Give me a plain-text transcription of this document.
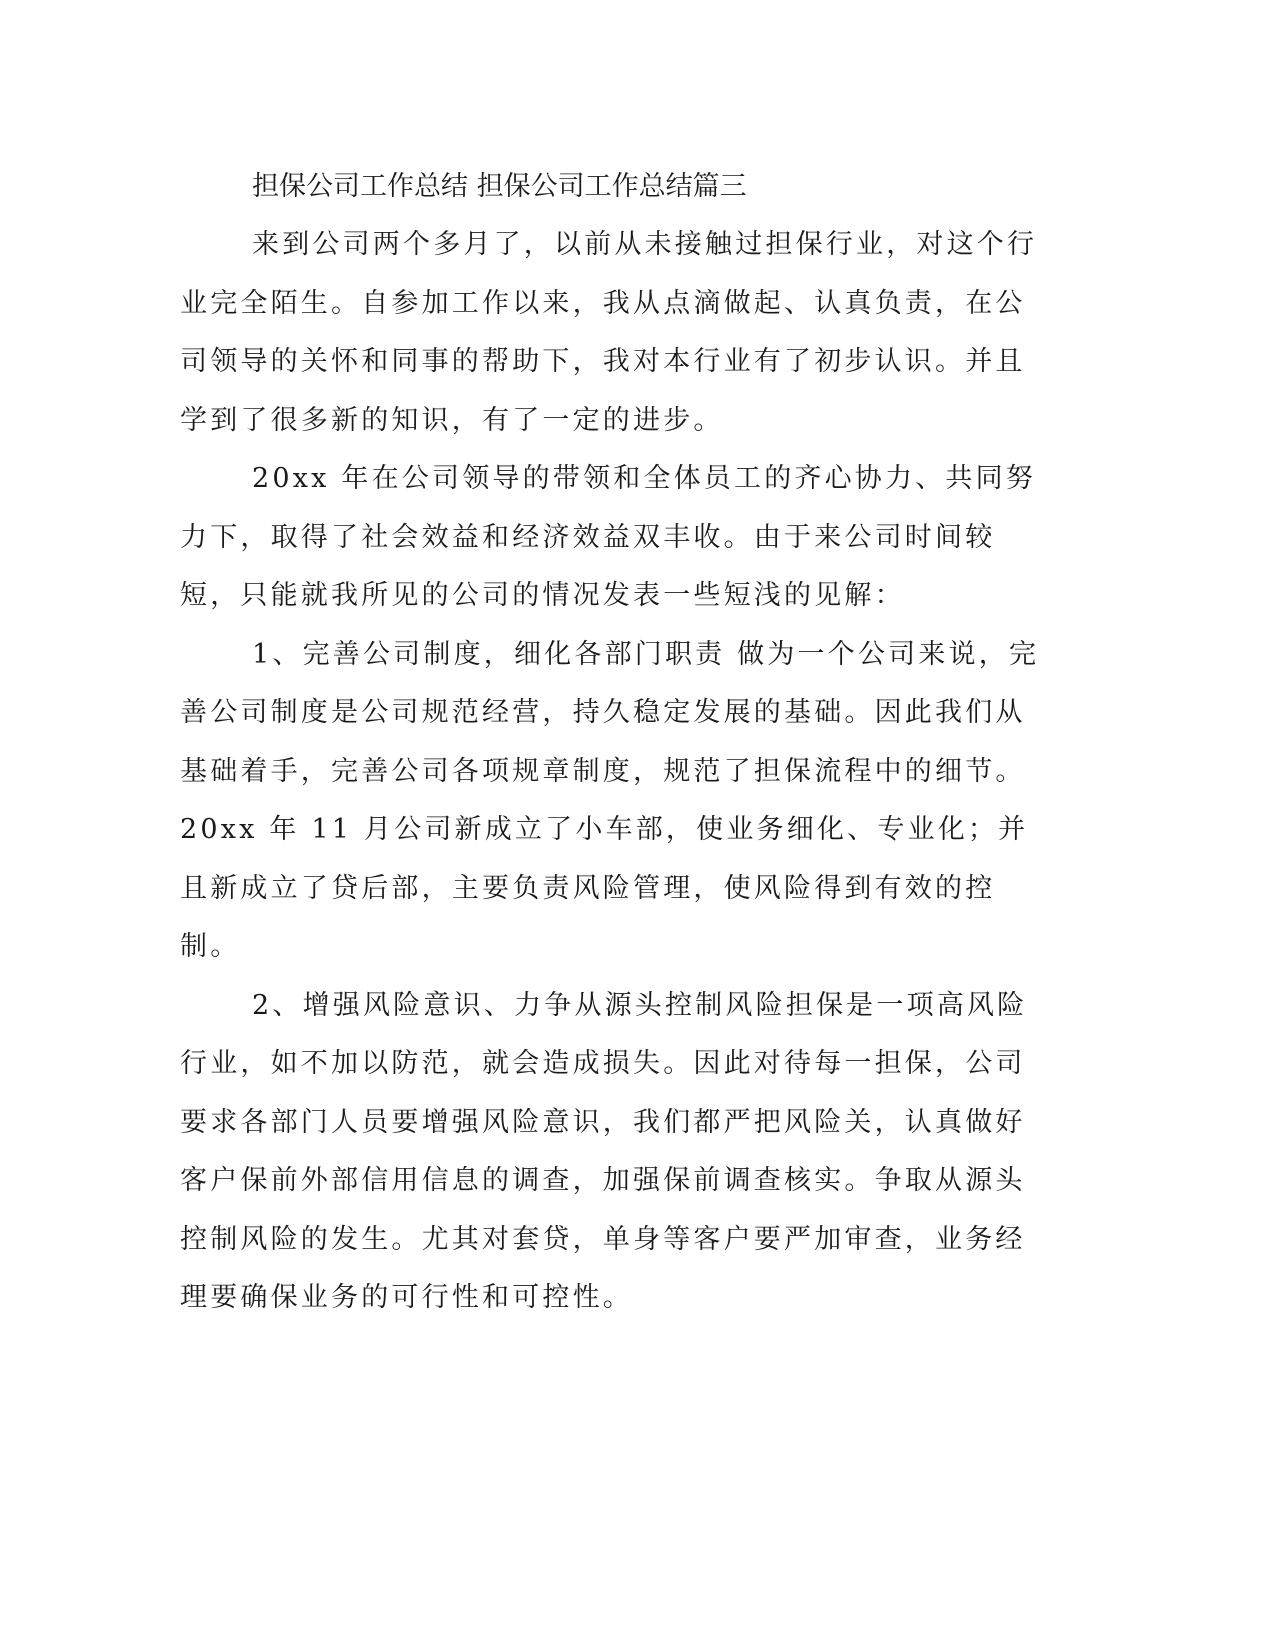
担保公司工作总结 担保公司工作总结篇三

来到公司两个多月了，以前从未接触过担保行业，对这个行业完全陌生。自参加工作以来，我从点滴做起、认真负责，在公司领导的关怀和同事的帮助下，我对本行业有了初步认识。并且学到了很多新的知识，有了一定的进步。

20xx 年在公司领导的带领和全体员工的齐心协力、共同努力下，取得了社会效益和经济效益双丰收。由于来公司时间较短，只能就我所见的公司的情况发表一些短浅的见解：

1、完善公司制度，细化各部门职责 做为一个公司来说，完善公司制度是公司规范经营，持久稳定发展的基础。因此我们从基础着手，完善公司各项规章制度，规范了担保流程中的细节。20xx 年 11 月公司新成立了小车部，使业务细化、专业化；并且新成立了贷后部，主要负责风险管理，使风险得到有效的控制。

2、增强风险意识、力争从源头控制风险担保是一项高风险行业，如不加以防范，就会造成损失。因此对待每一担保，公司要求各部门人员要增强风险意识，我们都严把风险关，认真做好客户保前外部信用信息的调查，加强保前调查核实。争取从源头控制风险的发生。尤其对套贷，单身等客户要严加审查，业务经理要确保业务的可行性和可控性。
